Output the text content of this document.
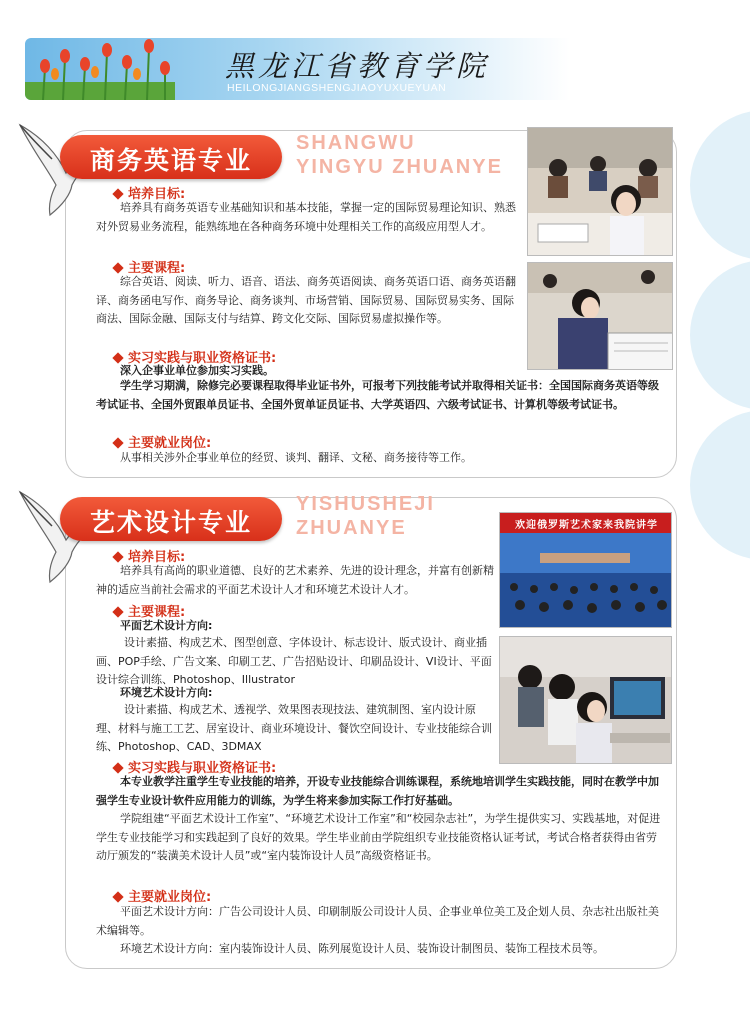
黑龙江省教育学院
HEILONGJIANGSHENGJIAOYUXUEYUAN
商务英语专业
SHANGWU
YINGYU ZHUANYE
培养目标:
培养具有商务英语专业基础知识和基本技能，掌握一定的国际贸易理论知识、熟悉对外贸易业务流程，能熟练地在各种商务环境中处理相关工作的高级应用型人才。
主要课程:
综合英语、阅读、听力、语音、语法、商务英语阅读、商务英语口语、商务英语翻译、商务函电写作、商务导论、商务谈判、市场营销、国际贸易、国际贸易实务、国际商法、国际金融、国际支付与结算、跨文化交际、国际贸易虚拟操作等。
实习实践与职业资格证书:
深入企事业单位参加实习实践。
学生学习期满，除修完必要课程取得毕业证书外，可报考下列技能考试并取得相关证书：全国国际商务英语等级考试证书、全国外贸跟单员证书、全国外贸单证员证书、大学英语四、六级考试证书、计算机等级考试证书。
主要就业岗位:
从事相关涉外企事业单位的经贸、谈判、翻译、文秘、商务接待等工作。
艺术设计专业
YISHUSHEJI
ZHUANYE	欢迎俄罗斯艺术家来我院讲学
培养目标:
培养具有高尚的职业道德、良好的艺术素养、先进的设计理念，并富有创新精神的适应当前社会需求的平面艺术设计人才和环境艺术设计人才。
主要课程:
平面艺术设计方向:
设计素描、构成艺术、图型创意、字体设计、标志设计、版式设计、商业插画、POP手绘、广告文案、印刷工艺、广告招贴设计、印刷品设计、VI设计、平面设计综合训练、Photoshop、Illustrator
环境艺术设计方向:
设计素描、构成艺术、透视学、效果图表现技法、建筑制图、室内设计原理、材料与施工工艺、居室设计、商业环境设计、餐饮空间设计、专业技能综合训练、Photoshop、CAD、3DMAX
实习实践与职业资格证书:
本专业教学注重学生专业技能的培养，开设专业技能综合训练课程，系统地培训学生实践技能，同时在教学中加强学生专业设计软件应用能力的训练，为学生将来参加实际工作打好基础。
学院组建“平面艺术设计工作室”、“环境艺术设计工作室”和“校园杂志社”，为学生提供实习、实践基地，对促进学生专业技能学习和实践起到了良好的效果。学生毕业前由学院组织专业技能资格认证考试，考试合格者获得由省劳动厅颁发的“装潢美术设计人员”或“室内装饰设计人员”高级资格证书。
主要就业岗位:
平面艺术设计方向：广告公司设计人员、印刷制版公司设计人员、企事业单位美工及企划人员、杂志社出版社美术编辑等。
环境艺术设计方向：室内装饰设计人员、陈列展览设计人员、装饰设计制图员、装饰工程技术员等。
